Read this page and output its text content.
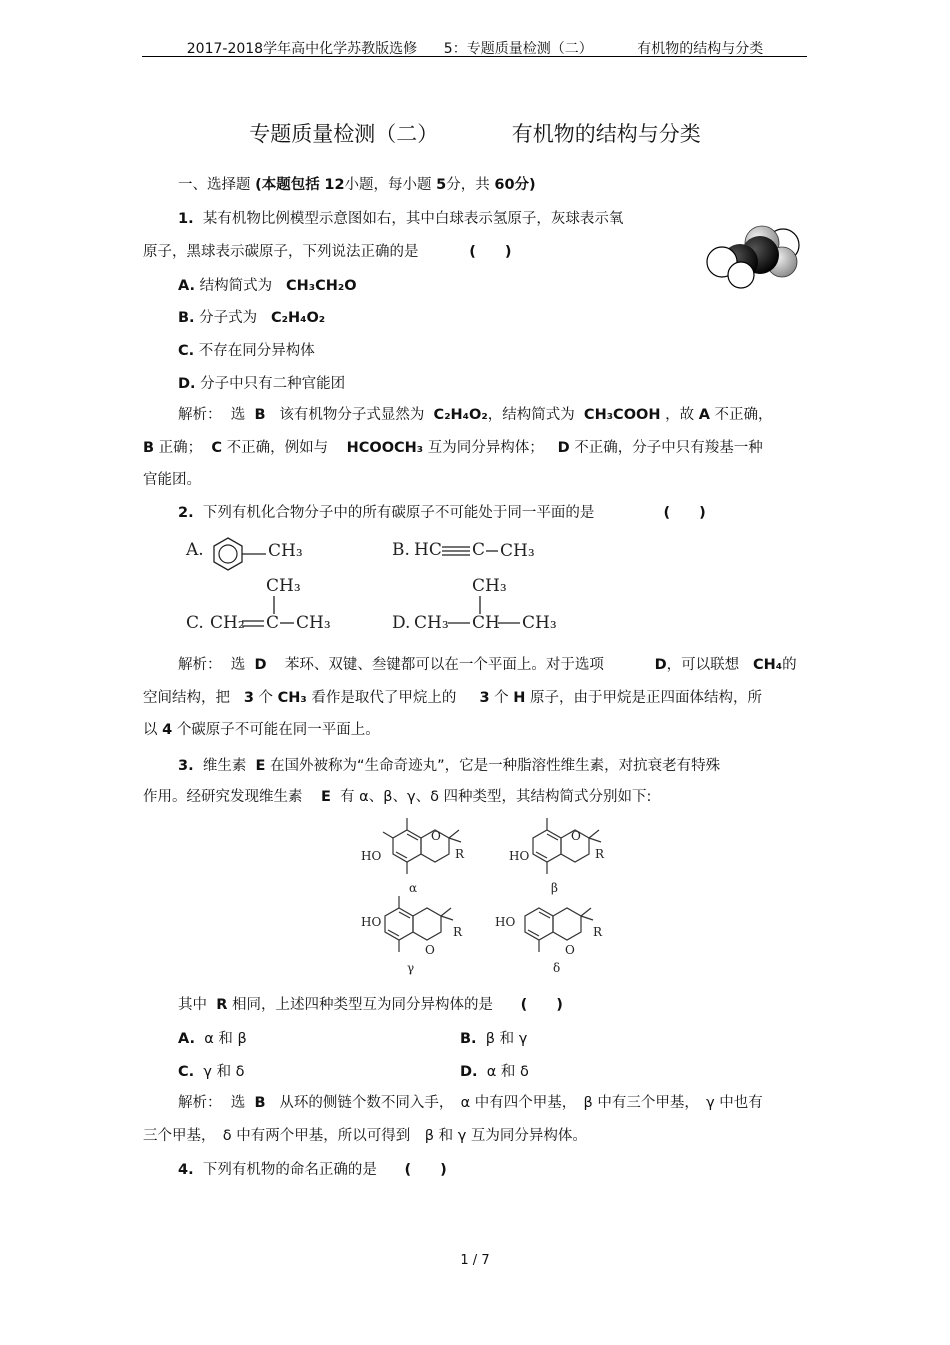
2017-2018学年高中化学苏教版选修 5：专题质量检测（二）	有机物的结构与分类
专题质量检测（二）	有机物的结构与分类
一、选择题 (本题包括 12小题，每小题 5分，共 60分)
1. 某有机物比例模型示意图如右，其中白球表示氢原子，灰球表示氧
原子，黑球表示碳原子，下列说法正确的是	(　　)
A. 结构简式为 CH₃CH₂O
B. 分子式为 C₂H₄O₂
C. 不存在同分异构体
D. 分子中只有二种官能团
解析： 选 B 该有机物分子式显然为 C₂H₄O₂，结构简式为 CH₃COOH ，故 A 不正确，
B 正确； C 不正确，例如与 HCOOCH₃ 互为同分异构体； D 不正确，分子中只有羧基一种
官能团。
2. 下列有机化合物分子中的所有碳原子不可能处于同一平面的是	(　　)
A.	CH₃	B. HC C CH₃
CH₃
C. CH₂ C CH₃
CH₃
D. CH₃ CH CH₃
解析： 选 D 苯环、双键、叁键都可以在一个平面上。对于选项	D，可以联想 CH₄的
空间结构，把 3 个 CH₃ 看作是取代了甲烷上的 3 个 H 原子，由于甲烷是正四面体结构，所
以 4 个碳原子不可能在同一平面上。
3. 维生素 E 在国外被称为“生命奇迹丸”，它是一种脂溶性维生素，对抗衰老有特殊
作用。经研究发现维生素 E 有 α、β、γ、δ 四种类型，其结构简式分别如下:
HO
O
R
α
HO
O
R
β
HO
O
R
γ
HO
O
R
δ
其中 R 相同，上述四种类型互为同分异构体的是 (　　)
A. α 和 β	B. β 和 γ
C. γ 和 δ	D. α 和 δ
解析： 选 B 从环的侧链个数不同入手，　α 中有四个甲基，　β 中有三个甲基，　γ 中也有
三个甲基，　δ 中有两个甲基，所以可得到　β 和 γ 互为同分异构体。
4. 下列有机物的命名正确的是 (　　)
1 / 7
